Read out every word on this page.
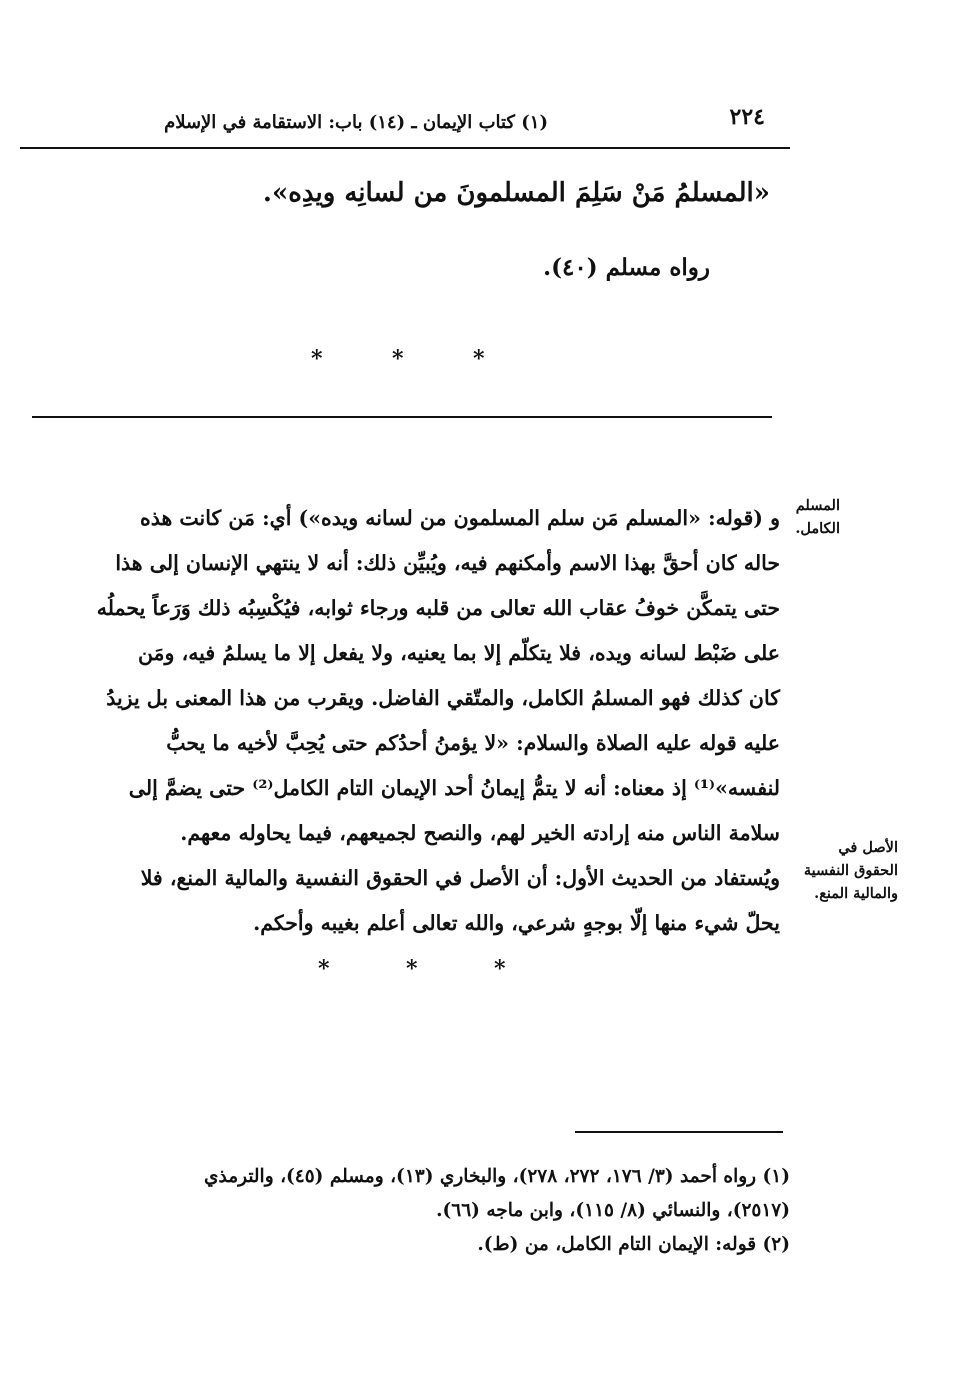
(١) كتاب الإيمان ـ (١٤) باب: الاستقامة في الإسلام	٢٢٤
«المسلمُ مَنْ سَلِمَ المسلمونَ من لسانِه ويدِه».
رواه مسلم (٤٠).
*	*	*
المسلم
الكامل.
الأصل في
الحقوق النفسية
والمالية المنع.
و (قوله: «المسلم مَن سلم المسلمون من لسانه ويده») أي: مَن كانت هذه
حاله كان أحقَّ بهذا الاسم وأمكنهم فيه، ويُبيِّن ذلك: أنه لا ينتهي الإنسان إلى هذا
حتى يتمكَّن خوفُ عقاب الله تعالى من قلبه ورجاء ثوابه، فيُكْسِبُه ذلك وَرَعاً يحملُه
على ضَبْط لسانه ويده، فلا يتكلّم إلا بما يعنيه، ولا يفعل إلا ما يسلمُ فيه، ومَن
كان كذلك فهو المسلمُ الكامل، والمتّقي الفاضل. ويقرب من هذا المعنى بل يزيدُ
عليه قوله عليه الصلاة والسلام: «لا يؤمنُ أحدُكم حتى يُحِبَّ لأخيه ما يحبُّ
لنفسه»⁽¹⁾ إذ معناه: أنه لا يتمُّ إيمانُ أحد الإيمان التام الكامل⁽²⁾ حتى يضمَّ إلى
سلامة الناس منه إرادته الخير لهم، والنصح لجميعهم، فيما يحاوله معهم.
ويُستفاد من الحديث الأول: أن الأصل في الحقوق النفسية والمالية المنع، فلا
يحلّ شيء منها إلّا بوجهٍ شرعي، والله تعالى أعلم بغيبه وأحكم.
*	*	*
(١) رواه أحمد (٣/ ١٧٦، ٢٧٢، ٢٧٨)، والبخاري (١٣)، ومسلم (٤٥)، والترمذي
(٢٥١٧)، والنسائي (٨/ ١١٥)، وابن ماجه (٦٦).
(٢) قوله: الإيمان التام الكامل، من (ط).
